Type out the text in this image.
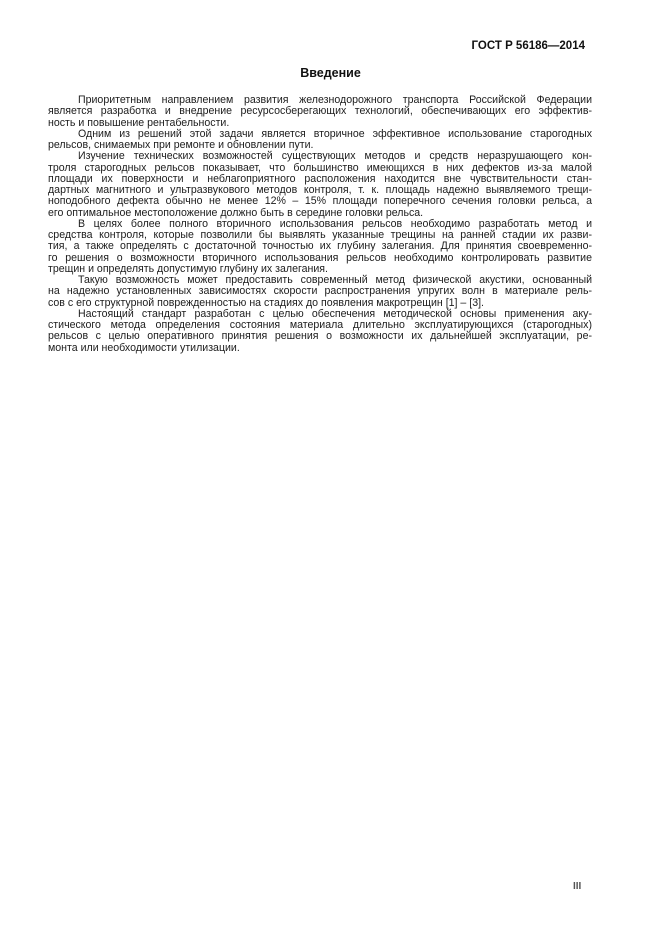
ГОСТ Р 56186—2014
Введение
Приоритетным направлением развития железнодорожного транспорта Российской Федерации
является разработка и внедрение ресурсосберегающих технологий, обеспечивающих его эффектив-
ность и повышение рентабельности.
Одним из решений этой задачи является вторичное эффективное использование старогодных
рельсов, снимаемых при ремонте и обновлении пути.
Изучение технических возможностей существующих методов и средств неразрушающего кон-
троля старогодных рельсов показывает, что большинство имеющихся в них дефектов из-за малой
площади их поверхности и неблагоприятного расположения находится вне чувствительности стан-
дартных магнитного и ультразвукового методов контроля, т. к. площадь надежно выявляемого трещи-
ноподобного дефекта обычно не менее 12% – 15% площади поперечного сечения головки рельса, а
его оптимальное местоположение должно быть в середине головки рельса.
В целях более полного вторичного использования рельсов необходимо разработать метод и
средства контроля, которые позволили бы выявлять указанные трещины на ранней стадии их разви-
тия, а также определять с достаточной точностью их глубину залегания. Для принятия своевременно-
го решения о возможности вторичного использования рельсов необходимо контролировать развитие
трещин и определять допустимую глубину их залегания.
Такую возможность может предоставить современный метод физической акустики, основанный
на надежно установленных зависимостях скорости распространения упругих волн в материале рель-
сов с его структурной поврежденностью на стадиях до появления макротрещин [1] – [3].
Настоящий стандарт разработан с целью обеспечения методической основы применения аку-
стического метода определения состояния материала длительно эксплуатирующихся (старогодных)
рельсов с целью оперативного принятия решения о возможности их дальнейшей эксплуатации, ре-
монта или необходимости утилизации.
III
